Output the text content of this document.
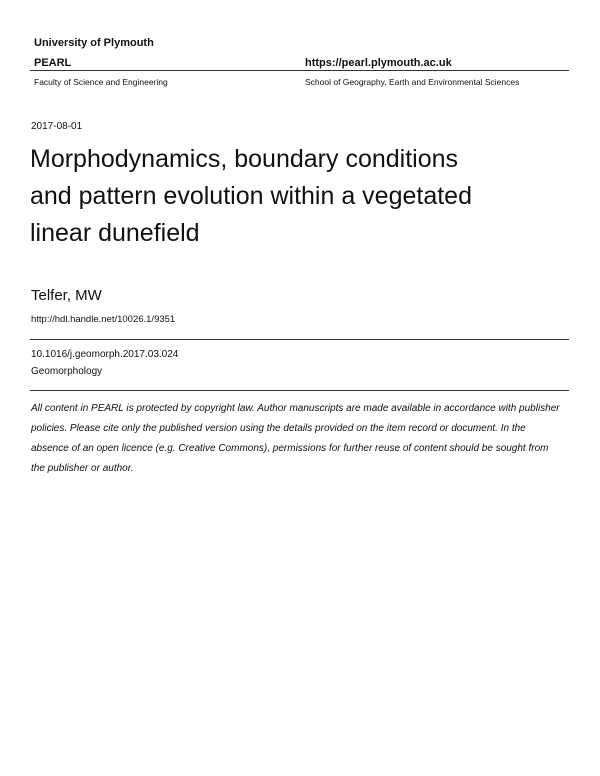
University of Plymouth
PEARL	https://pearl.plymouth.ac.uk
Faculty of Science and Engineering	School of Geography, Earth and Environmental Sciences
2017-08-01
Morphodynamics, boundary conditions
and pattern evolution within a vegetated
linear dunefield
Telfer, MW
http://hdl.handle.net/10026.1/9351
10.1016/j.geomorph.2017.03.024
Geomorphology

All content in PEARL is protected by copyright law. Author manuscripts are made available in accordance with publisher policies. Please cite only the published version using the details provided on the item record or document. In the absence of an open licence (e.g. Creative Commons), permissions for further reuse of content should be sought from the publisher or author.
